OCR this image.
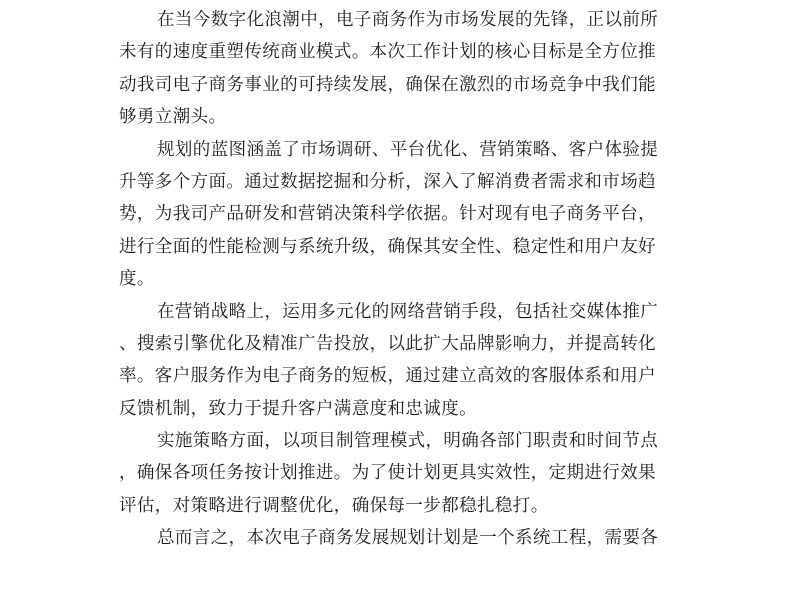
在当今数字化浪潮中，电子商务作为市场发展的先锋，正以前所
未有的速度重塑传统商业模式。本次工作计划的核心目标是全方位推
动我司电子商务事业的可持续发展，确保在激烈的市场竞争中我们能
够勇立潮头。
规划的蓝图涵盖了市场调研、平台优化、营销策略、客户体验提
升等多个方面。通过数据挖掘和分析，深入了解消费者需求和市场趋
势，为我司产品研发和营销决策科学依据。针对现有电子商务平台，
进行全面的性能检测与系统升级，确保其安全性、稳定性和用户友好
度。
在营销战略上，运用多元化的网络营销手段，包括社交媒体推广
、搜索引擎优化及精准广告投放，以此扩大品牌影响力，并提高转化
率。客户服务作为电子商务的短板，通过建立高效的客服体系和用户
反馈机制，致力于提升客户满意度和忠诚度。
实施策略方面，以项目制管理模式，明确各部门职责和时间节点
，确保各项任务按计划推进。为了使计划更具实效性，定期进行效果
评估，对策略进行调整优化，确保每一步都稳扎稳打。
总而言之，本次电子商务发展规划计划是一个系统工程，需要各
